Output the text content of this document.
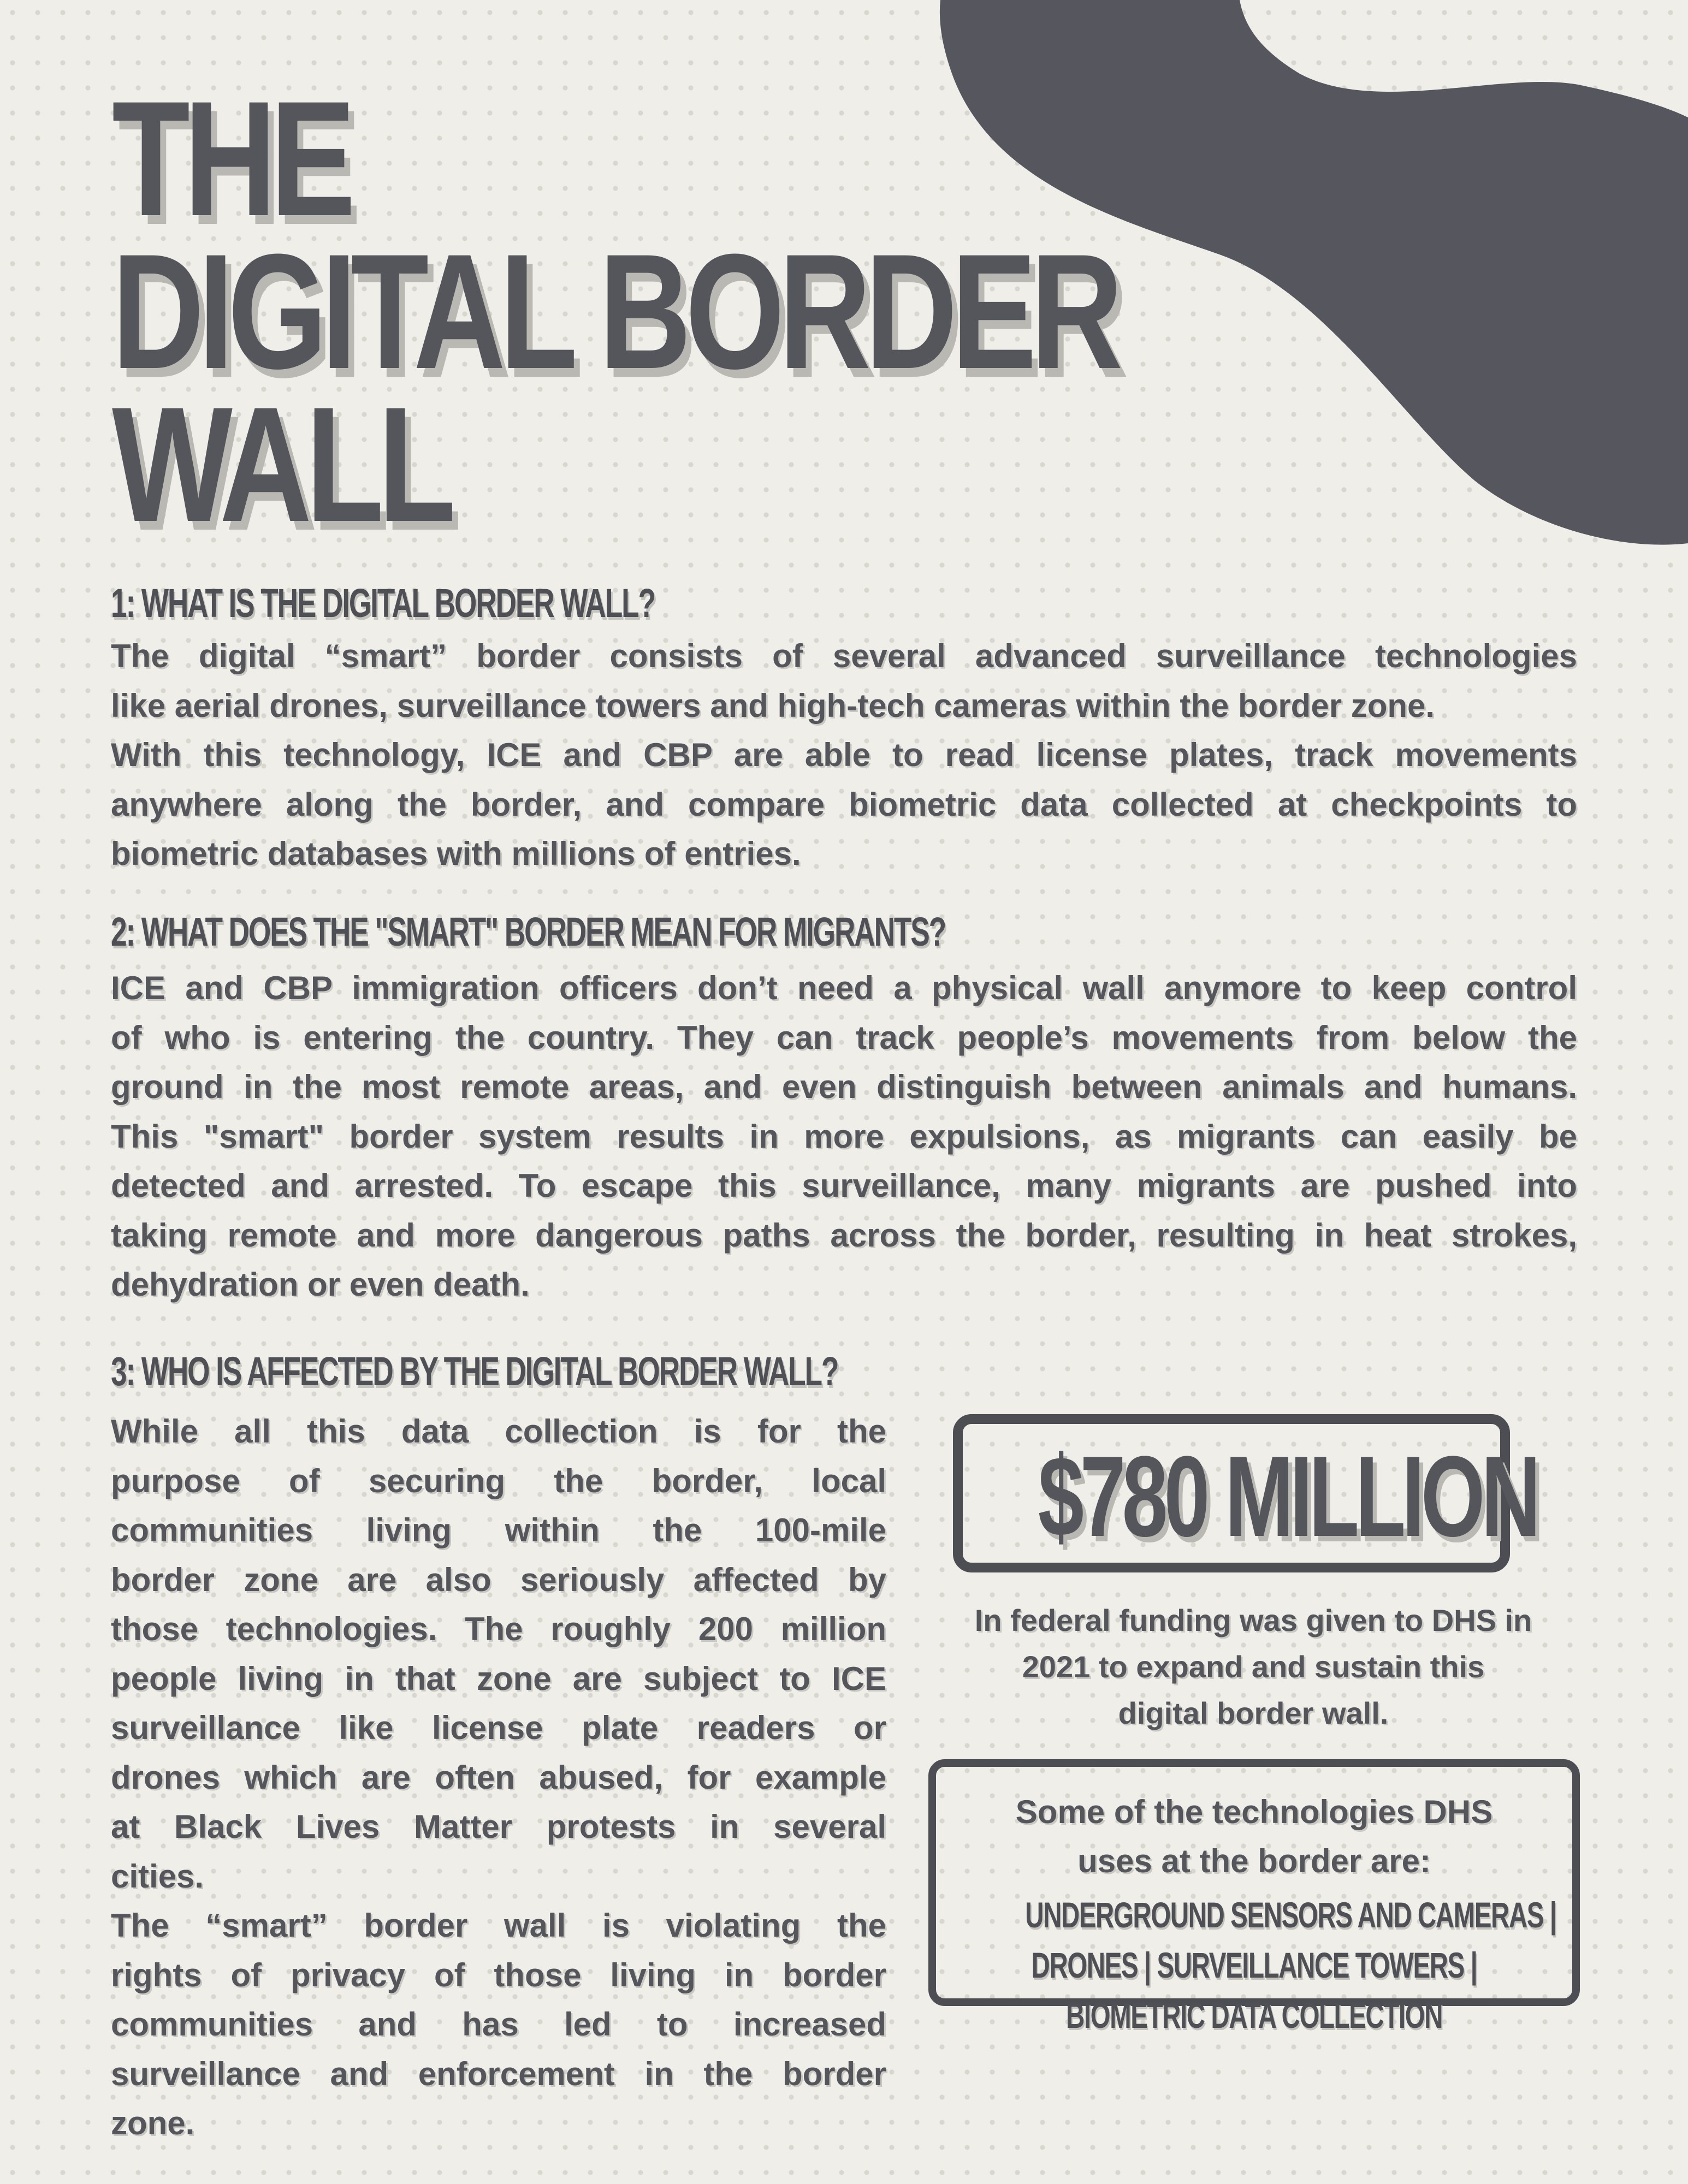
THE
DIGITAL BORDER
WALL
1: WHAT IS THE DIGITAL BORDER WALL?
The digital “smart” border consists of several advanced surveillance technologies
like aerial drones, surveillance towers and high-tech cameras within the border zone.
With this technology, ICE and CBP are able to read license plates, track movements
anywhere along the border, and compare biometric data collected at checkpoints to
biometric databases with millions of entries.
2: WHAT DOES THE "SMART" BORDER MEAN FOR MIGRANTS?
ICE and CBP immigration officers don’t need a physical wall anymore to keep control
of who is entering the country. They can track people’s movements from below the
ground in the most remote areas, and even distinguish between animals and humans.
This "smart" border system results in more expulsions, as migrants can easily be
detected and arrested. To escape this surveillance, many migrants are pushed into
taking remote and more dangerous paths across the border, resulting in heat strokes,
dehydration or even death.
3: WHO IS AFFECTED BY THE DIGITAL BORDER WALL?
While all this data collection is for the
purpose of securing the border, local
communities living within the 100-mile
border zone are also seriously affected by
those technologies. The roughly 200 million
people living in that zone are subject to ICE
surveillance like license plate readers or
drones which are often abused, for example
at Black Lives Matter protests in several
cities.
The “smart” border wall is violating the
rights of privacy of those living in border
communities and has led to increased
surveillance and enforcement in the border
zone.
$780 MILLION

In federal funding was given to DHS in
2021 to expand and sustain this
digital border wall.

Some of the technologies DHS
uses at the border are:

UNDERGROUND SENSORS AND CAMERAS |
DRONES | SURVEILLANCE TOWERS |
BIOMETRIC DATA COLLECTION
